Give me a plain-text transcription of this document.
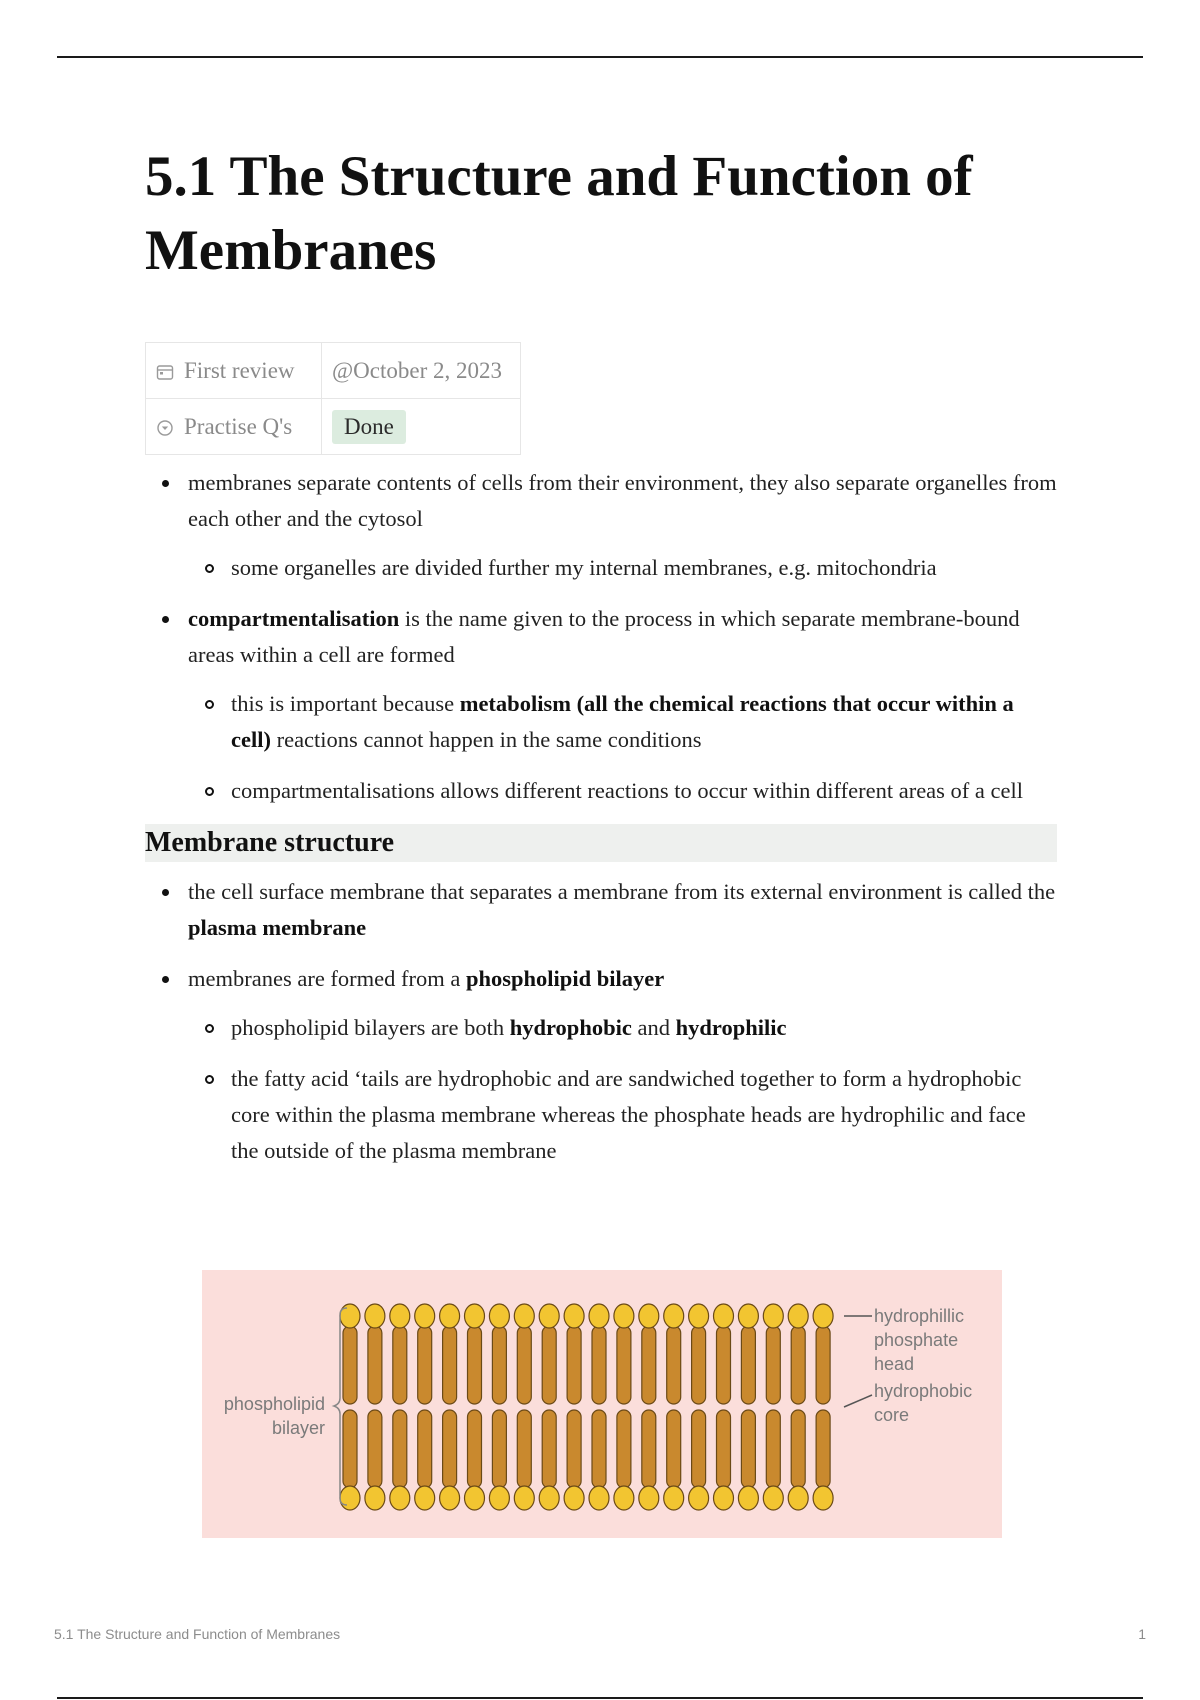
5.1 The Structure and Function of Membranes
First review	@October 2, 2023
Practise Q's	Done
membranes separate contents of cells from their environment, they also separate organelles from each other and the cytosol
some organelles are divided further my internal membranes, e.g. mitochondria
compartmentalisation is the name given to the process in which separate membrane-bound areas within a cell are formed
this is important because metabolism (all the chemical reactions that occur within a cell) reactions cannot happen in the same conditions
compartmentalisations allows different reactions to occur within different areas of a cell
Membrane structure
the cell surface membrane that separates a membrane from its external environment is called the plasma membrane
membranes are formed from a phospholipid bilayer
phospholipid bilayers are both hydrophobic and hydrophilic
the fatty acid ‘tails are hydrophobic and are sandwiched together to form a hydrophobic core within the plasma membrane whereas the phosphate heads are hydrophilic and face the outside of the plasma membrane
phospholipid
bilayer
hydrophillic
phosphate
head
hydrophobic
core
5.1 The Structure and Function of Membranes	1
